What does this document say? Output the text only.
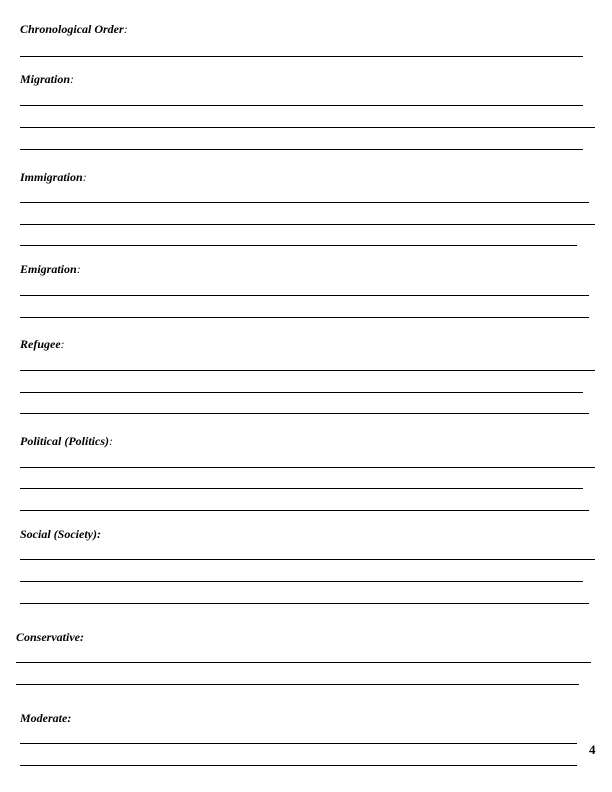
Chronological Order:
Migration:
Immigration:
Emigration:
Refugee:
Political (Politics):
Social (Society):
Conservative:
Moderate:
4
